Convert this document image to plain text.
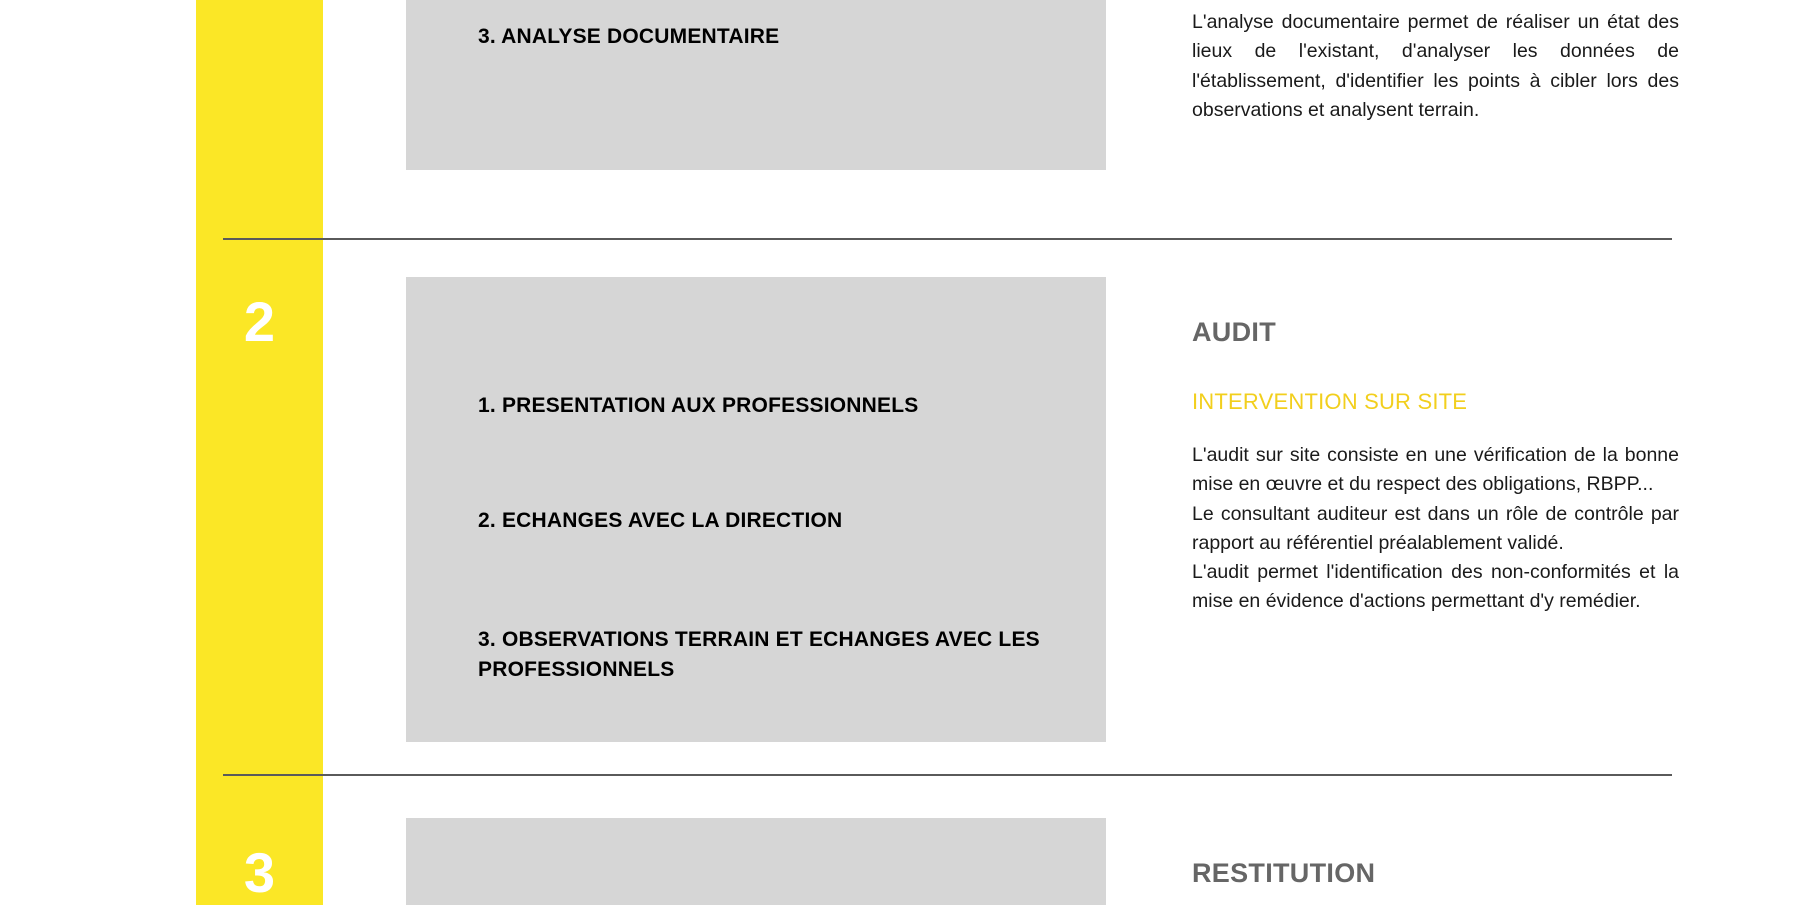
3. ANALYSE DOCUMENTAIRE

L'analyse documentaire permet de réaliser un état des lieux de l'existant, d'analyser les données de l'établissement, d'identifier les points à cibler lors des observations et analysent terrain.

2
1. PRESENTATION AUX PROFESSIONNELS
2. ECHANGES AVEC LA DIRECTION
3. OBSERVATIONS TERRAIN ET ECHANGES AVEC LES PROFESSIONNELS
AUDIT
INTERVENTION SUR SITE

L'audit sur site consiste en une vérification de la bonne mise en œuvre et du respect des obligations, RBPP...

Le consultant auditeur est dans un rôle de contrôle par rapport au référentiel préalablement validé.

L'audit permet l'identification des non-conformités et la mise en évidence d'actions permettant d'y remédier.

3	RESTITUTION
